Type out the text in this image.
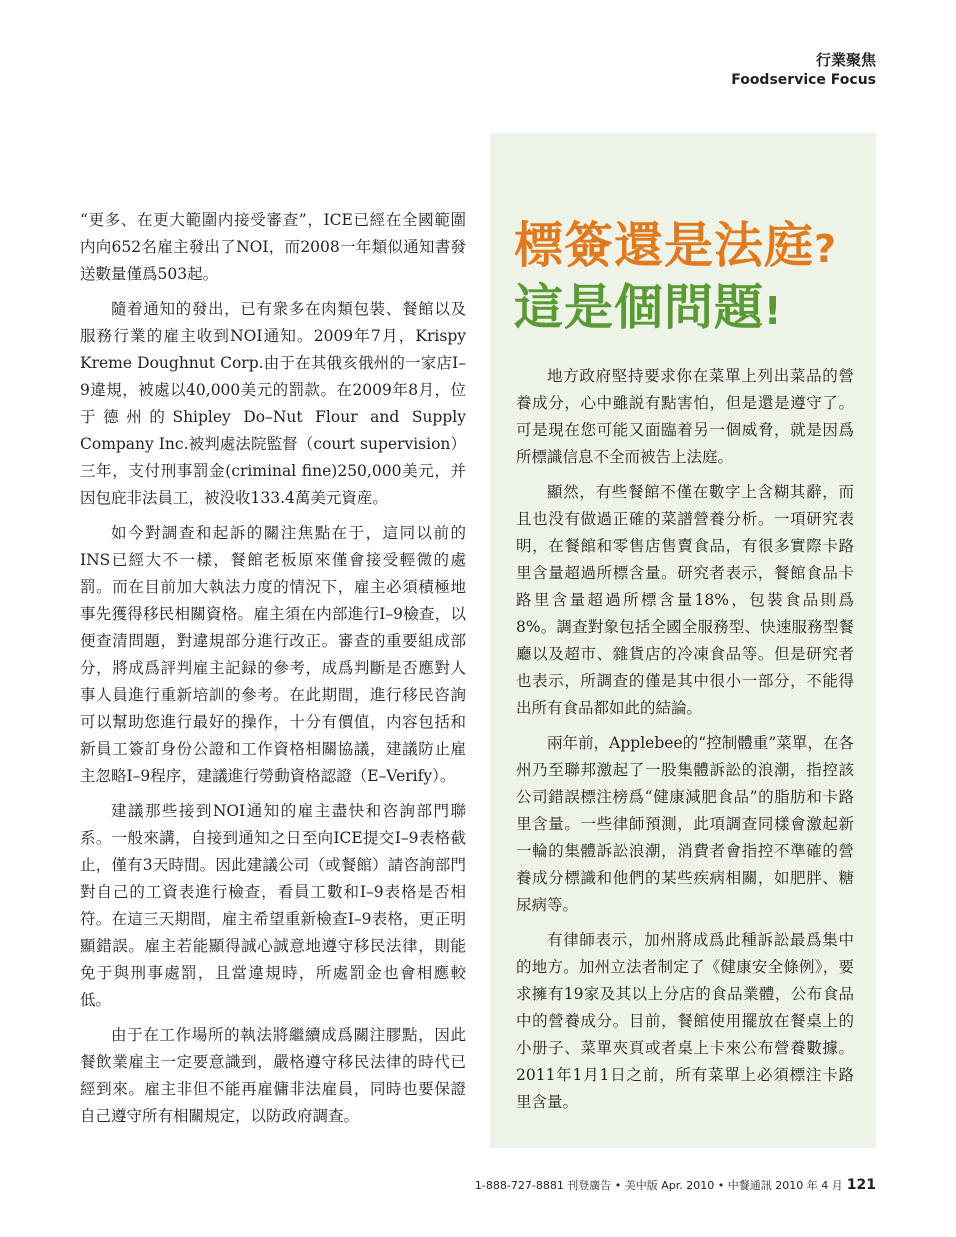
行業聚焦
Foodservice Focus

“更多、在更大範圍内接受審查”，ICE已經在全國範圍内向652名雇主發出了NOI，而2008一年類似通知書發送數量僅爲503起。

隨着通知的發出，已有衆多在肉類包裝、餐館以及服務行業的雇主收到NOI通知。2009年7月，Krispy Kreme Doughnut Corp.由于在其俄亥俄州的一家店I–9違規，被處以40,000美元的罰款。在2009年8月，位于德州的Shipley Do–Nut Flour and Supply Company Inc.被判處法院監督（court supervision）三年，支付刑事罰金(criminal fine)250,000美元，并因包庇非法員工，被没收133.4萬美元資産。

如今對調查和起訴的關注焦點在于，這同以前的INS已經大不一樣，餐館老板原來僅會接受輕微的處罰。而在目前加大執法力度的情況下，雇主必須積極地事先獲得移民相關資格。雇主須在内部進行I–9檢查，以便查清問題，對違規部分進行改正。審查的重要組成部分，將成爲評判雇主記録的參考，成爲判斷是否應對人事人員進行重新培訓的參考。在此期間，進行移民咨詢可以幫助您進行最好的操作，十分有價值，内容包括和新員工簽訂身份公證和工作資格相關協議，建議防止雇主忽略I–9程序，建議進行勞動資格認證（E–Verify）。

建議那些接到NOI通知的雇主盡快和咨詢部門聯系。一般來講，自接到通知之日至向ICE提交I–9表格截止，僅有3天時間。因此建議公司（或餐館）請咨詢部門對自己的工資表進行檢查，看員工數和I–9表格是否相符。在這三天期間，雇主希望重新檢查I–9表格，更正明顯錯誤。雇主若能顯得誠心誠意地遵守移民法律，則能免于與刑事處罰，且當違規時，所處罰金也會相應較低。

由于在工作場所的執法將繼續成爲關注膠點，因此餐飲業雇主一定要意識到，嚴格遵守移民法律的時代已經到來。雇主非但不能再雇傭非法雇員，同時也要保證自己遵守所有相關規定，以防政府調查。

標簽還是法庭?
這是個問題!

地方政府堅持要求你在菜單上列出菜品的營養成分，心中雖説有點害怕，但是還是遵守了。可是現在您可能又面臨着另一個威脅，就是因爲所標識信息不全而被告上法庭。

顯然，有些餐館不僅在數字上含糊其辭，而且也没有做過正確的菜譜營養分析。一項研究表明，在餐館和零售店售賣食品，有很多實際卡路里含量超過所標含量。研究者表示，餐館食品卡路里含量超過所標含量18%，包裝食品則爲8%。調查對象包括全國全服務型、快速服務型餐廳以及超市、雜貨店的冷凍食品等。但是研究者也表示，所調查的僅是其中很小一部分，不能得出所有食品都如此的結論。

兩年前，Applebee的“控制體重”菜單，在各州乃至聯邦激起了一股集體訴訟的浪潮，指控該公司錯誤標注榜爲“健康減肥食品”的脂肪和卡路里含量。一些律師預測，此項調查同樣會激起新一輪的集體訴訟浪潮，消費者會指控不準確的營養成分標識和他們的某些疾病相關，如肥胖、糖尿病等。

有律師表示，加州將成爲此種訴訟最爲集中的地方。加州立法者制定了《健康安全條例》，要求擁有19家及其以上分店的食品業體，公布食品中的營養成分。目前，餐館使用擺放在餐桌上的小册子、菜單夾頁或者桌上卡來公布營養數據。2011年1月1日之前，所有菜單上必須標注卡路里含量。

1-888-727-8881 刊登廣告 • 美中版 Apr. 2010 • 中餐通訊 2010 年 4 月 121
